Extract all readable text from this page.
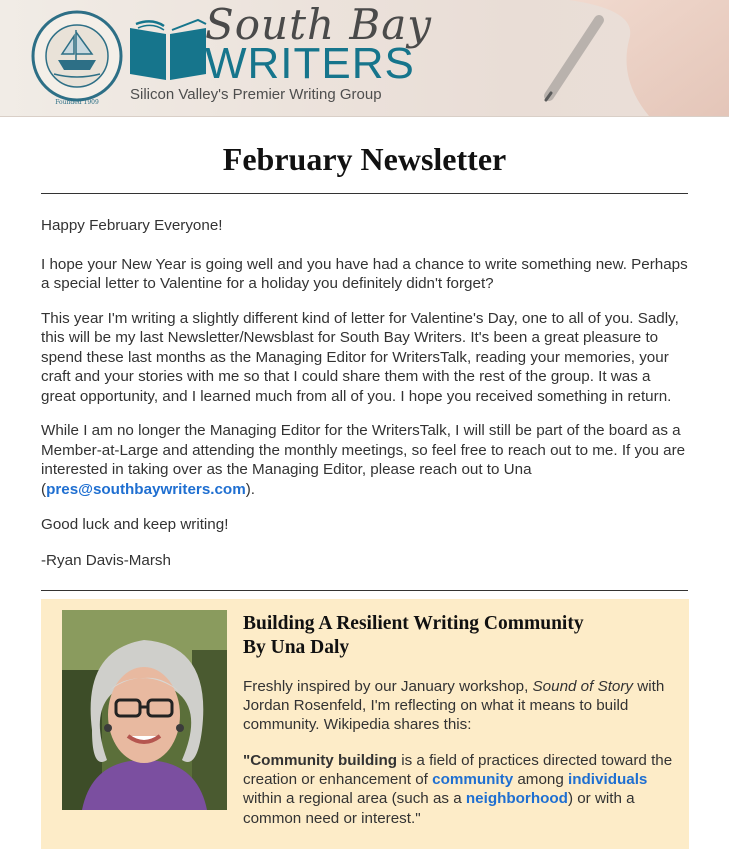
Founded 1909
South Bay
WRITERS
Silicon Valley's Premier Writing Group
February Newsletter

Happy February Everyone!

I hope your New Year is going well and you have had a chance to write something new. Perhaps a special letter to Valentine for a holiday you definitely didn't forget?

This year I'm writing a slightly different kind of letter for Valentine's Day, one to all of you. Sadly, this will be my last Newsletter/Newsblast for South Bay Writers. It's been a great pleasure to spend these last months as the Managing Editor for WritersTalk, reading your memories, your craft and your stories with me so that I could share them with the rest of the group. It was a great opportunity, and I learned much from all of you. I hope you received something in return.

While I am no longer the Managing Editor for the WritersTalk, I will still be part of the board as a Member-at-Large and attending the monthly meetings, so feel free to reach out to me. If you are interested in taking over as the Managing Editor, please reach out to Una (pres@southbaywriters.com).

Good luck and keep writing!

-Ryan Davis-Marsh

Building A Resilient Writing Community
By Una Daly

Freshly inspired by our January workshop, Sound of Story with Jordan Rosenfeld, I'm reflecting on what it means to build community. Wikipedia shares this:

"Community building is a field of practices directed toward the creation or enhancement of community among individuals within a regional area (such as a neighborhood) or with a common need or interest."
